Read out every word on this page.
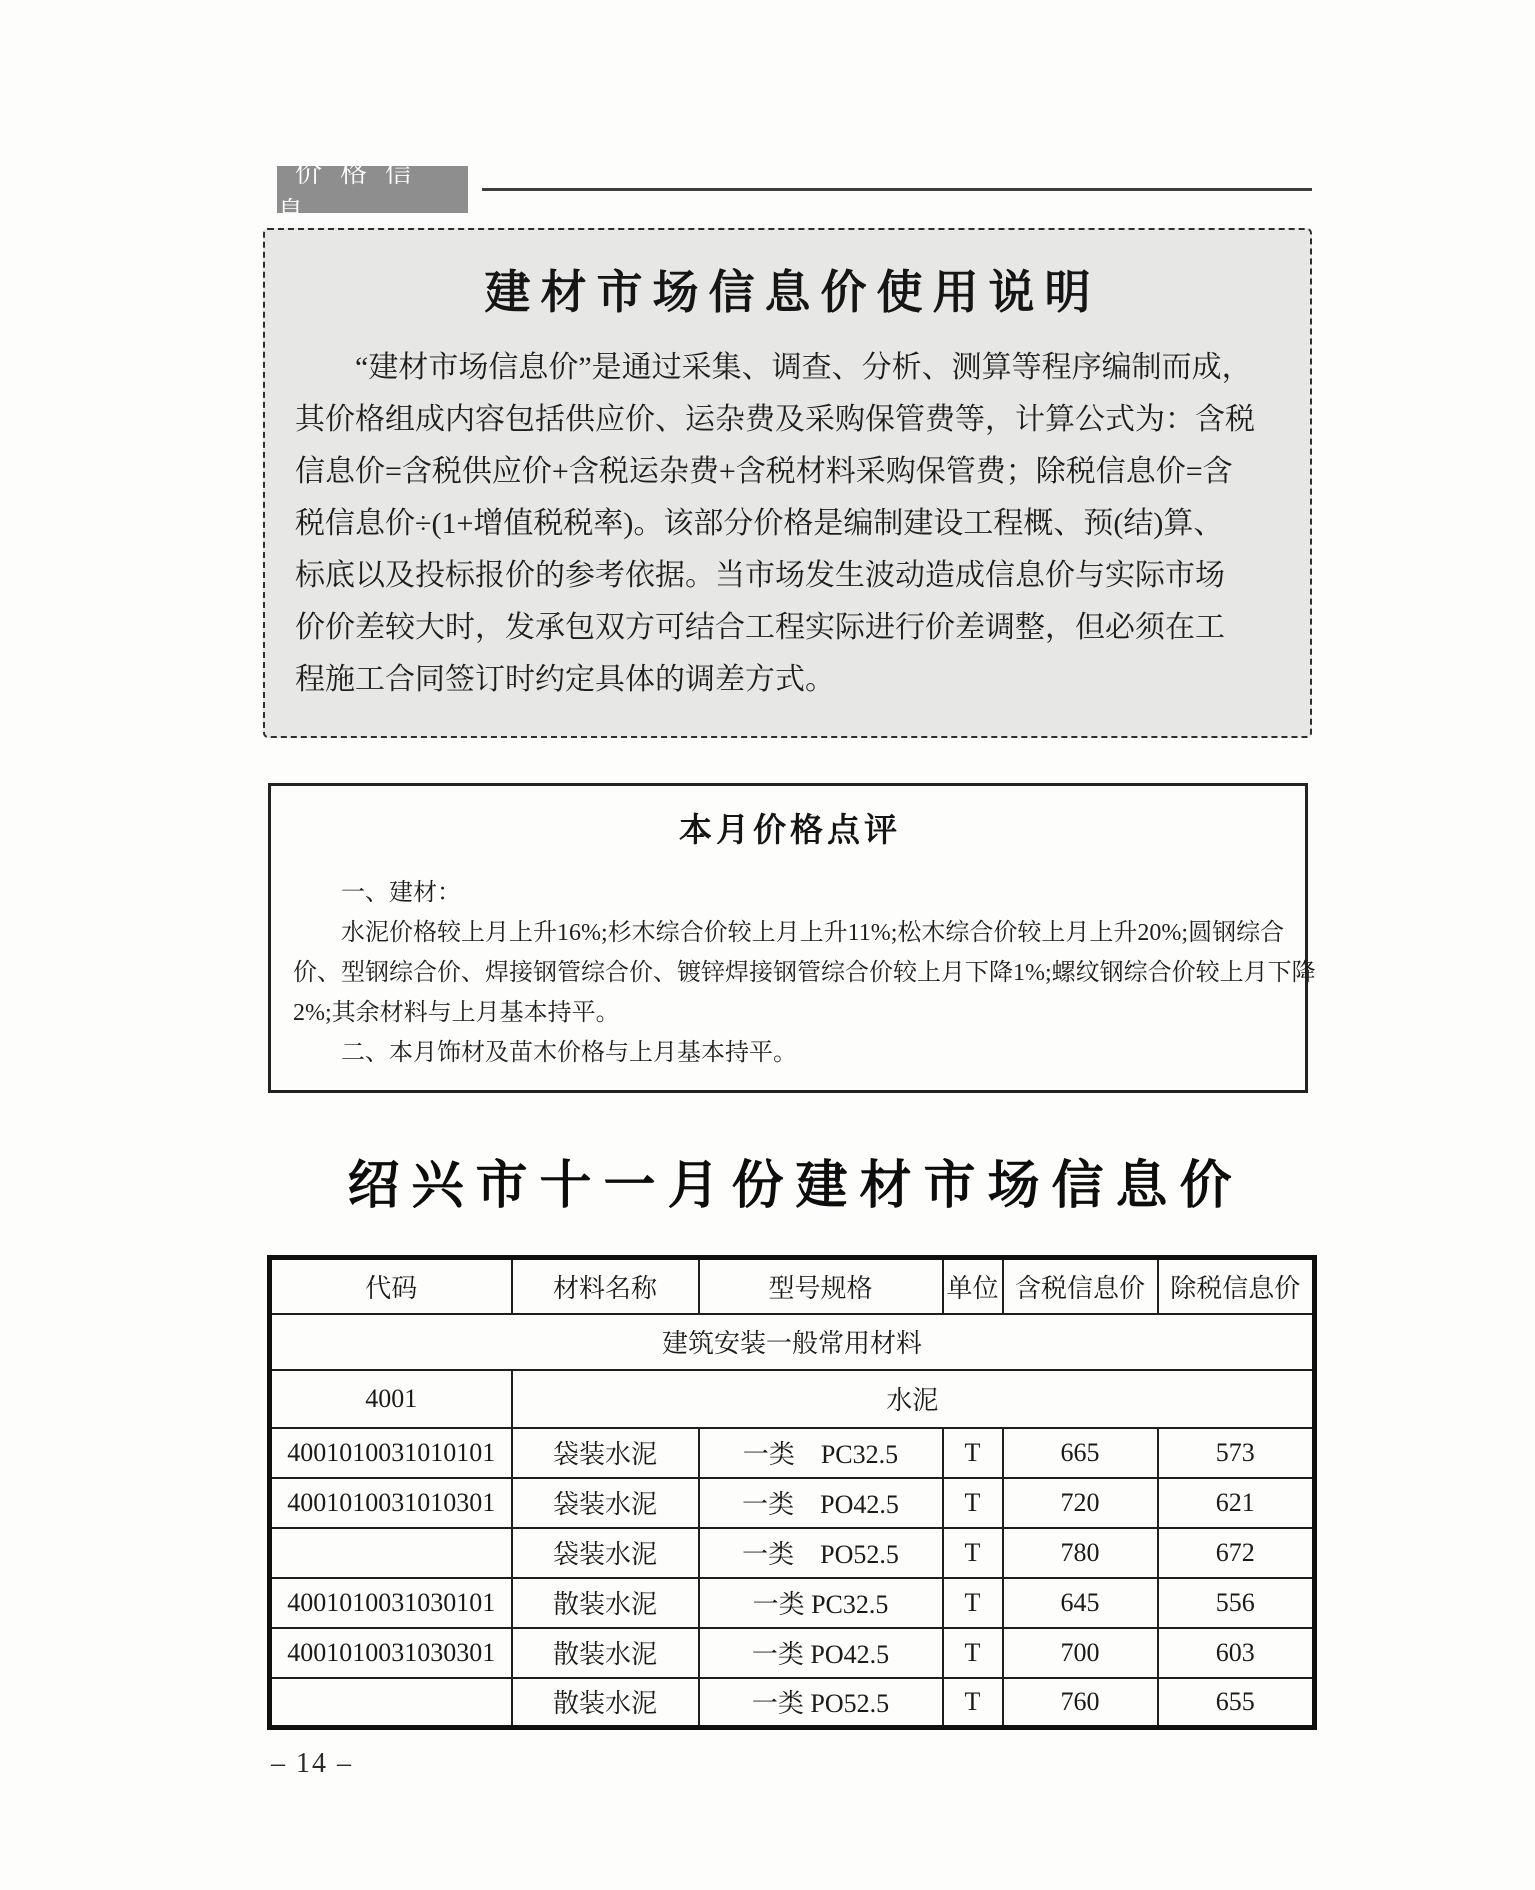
价格信息
建材市场信息价使用说明
“建材市场信息价”是通过采集、调查、分析、测算等程序编制而成，
其价格组成内容包括供应价、运杂费及采购保管费等，计算公式为：含税
信息价=含税供应价+含税运杂费+含税材料采购保管费；除税信息价=含
税信息价÷(1+增值税税率)。该部分价格是编制建设工程概、预(结)算、
标底以及投标报价的参考依据。当市场发生波动造成信息价与实际市场
价价差较大时，发承包双方可结合工程实际进行价差调整，但必须在工
程施工合同签订时约定具体的调差方式。
本月价格点评
一、建材：
水泥价格较上月上升16%;杉木综合价较上月上升11%;松木综合价较上月上升20%;圆钢综合
价、型钢综合价、焊接钢管综合价、镀锌焊接钢管综合价较上月下降1%;螺纹钢综合价较上月下降
2%;其余材料与上月基本持平。
二、本月饰材及苗木价格与上月基本持平。
绍兴市十一月份建材市场信息价
代码	材料名称	型号规格	单位	含税信息价	除税信息价
建筑安装一般常用材料					
4001	水泥				
4001010031010101	袋装水泥	一类　PC32.5	T	665	573
4001010031010301	袋装水泥	一类　PO42.5	T	720	621
	袋装水泥	一类　PO52.5	T	780	672
4001010031030101	散装水泥	一类 PC32.5	T	645	556
4001010031030301	散装水泥	一类 PO42.5	T	700	603
	散装水泥	一类 PO52.5	T	760	655
– 14 –
